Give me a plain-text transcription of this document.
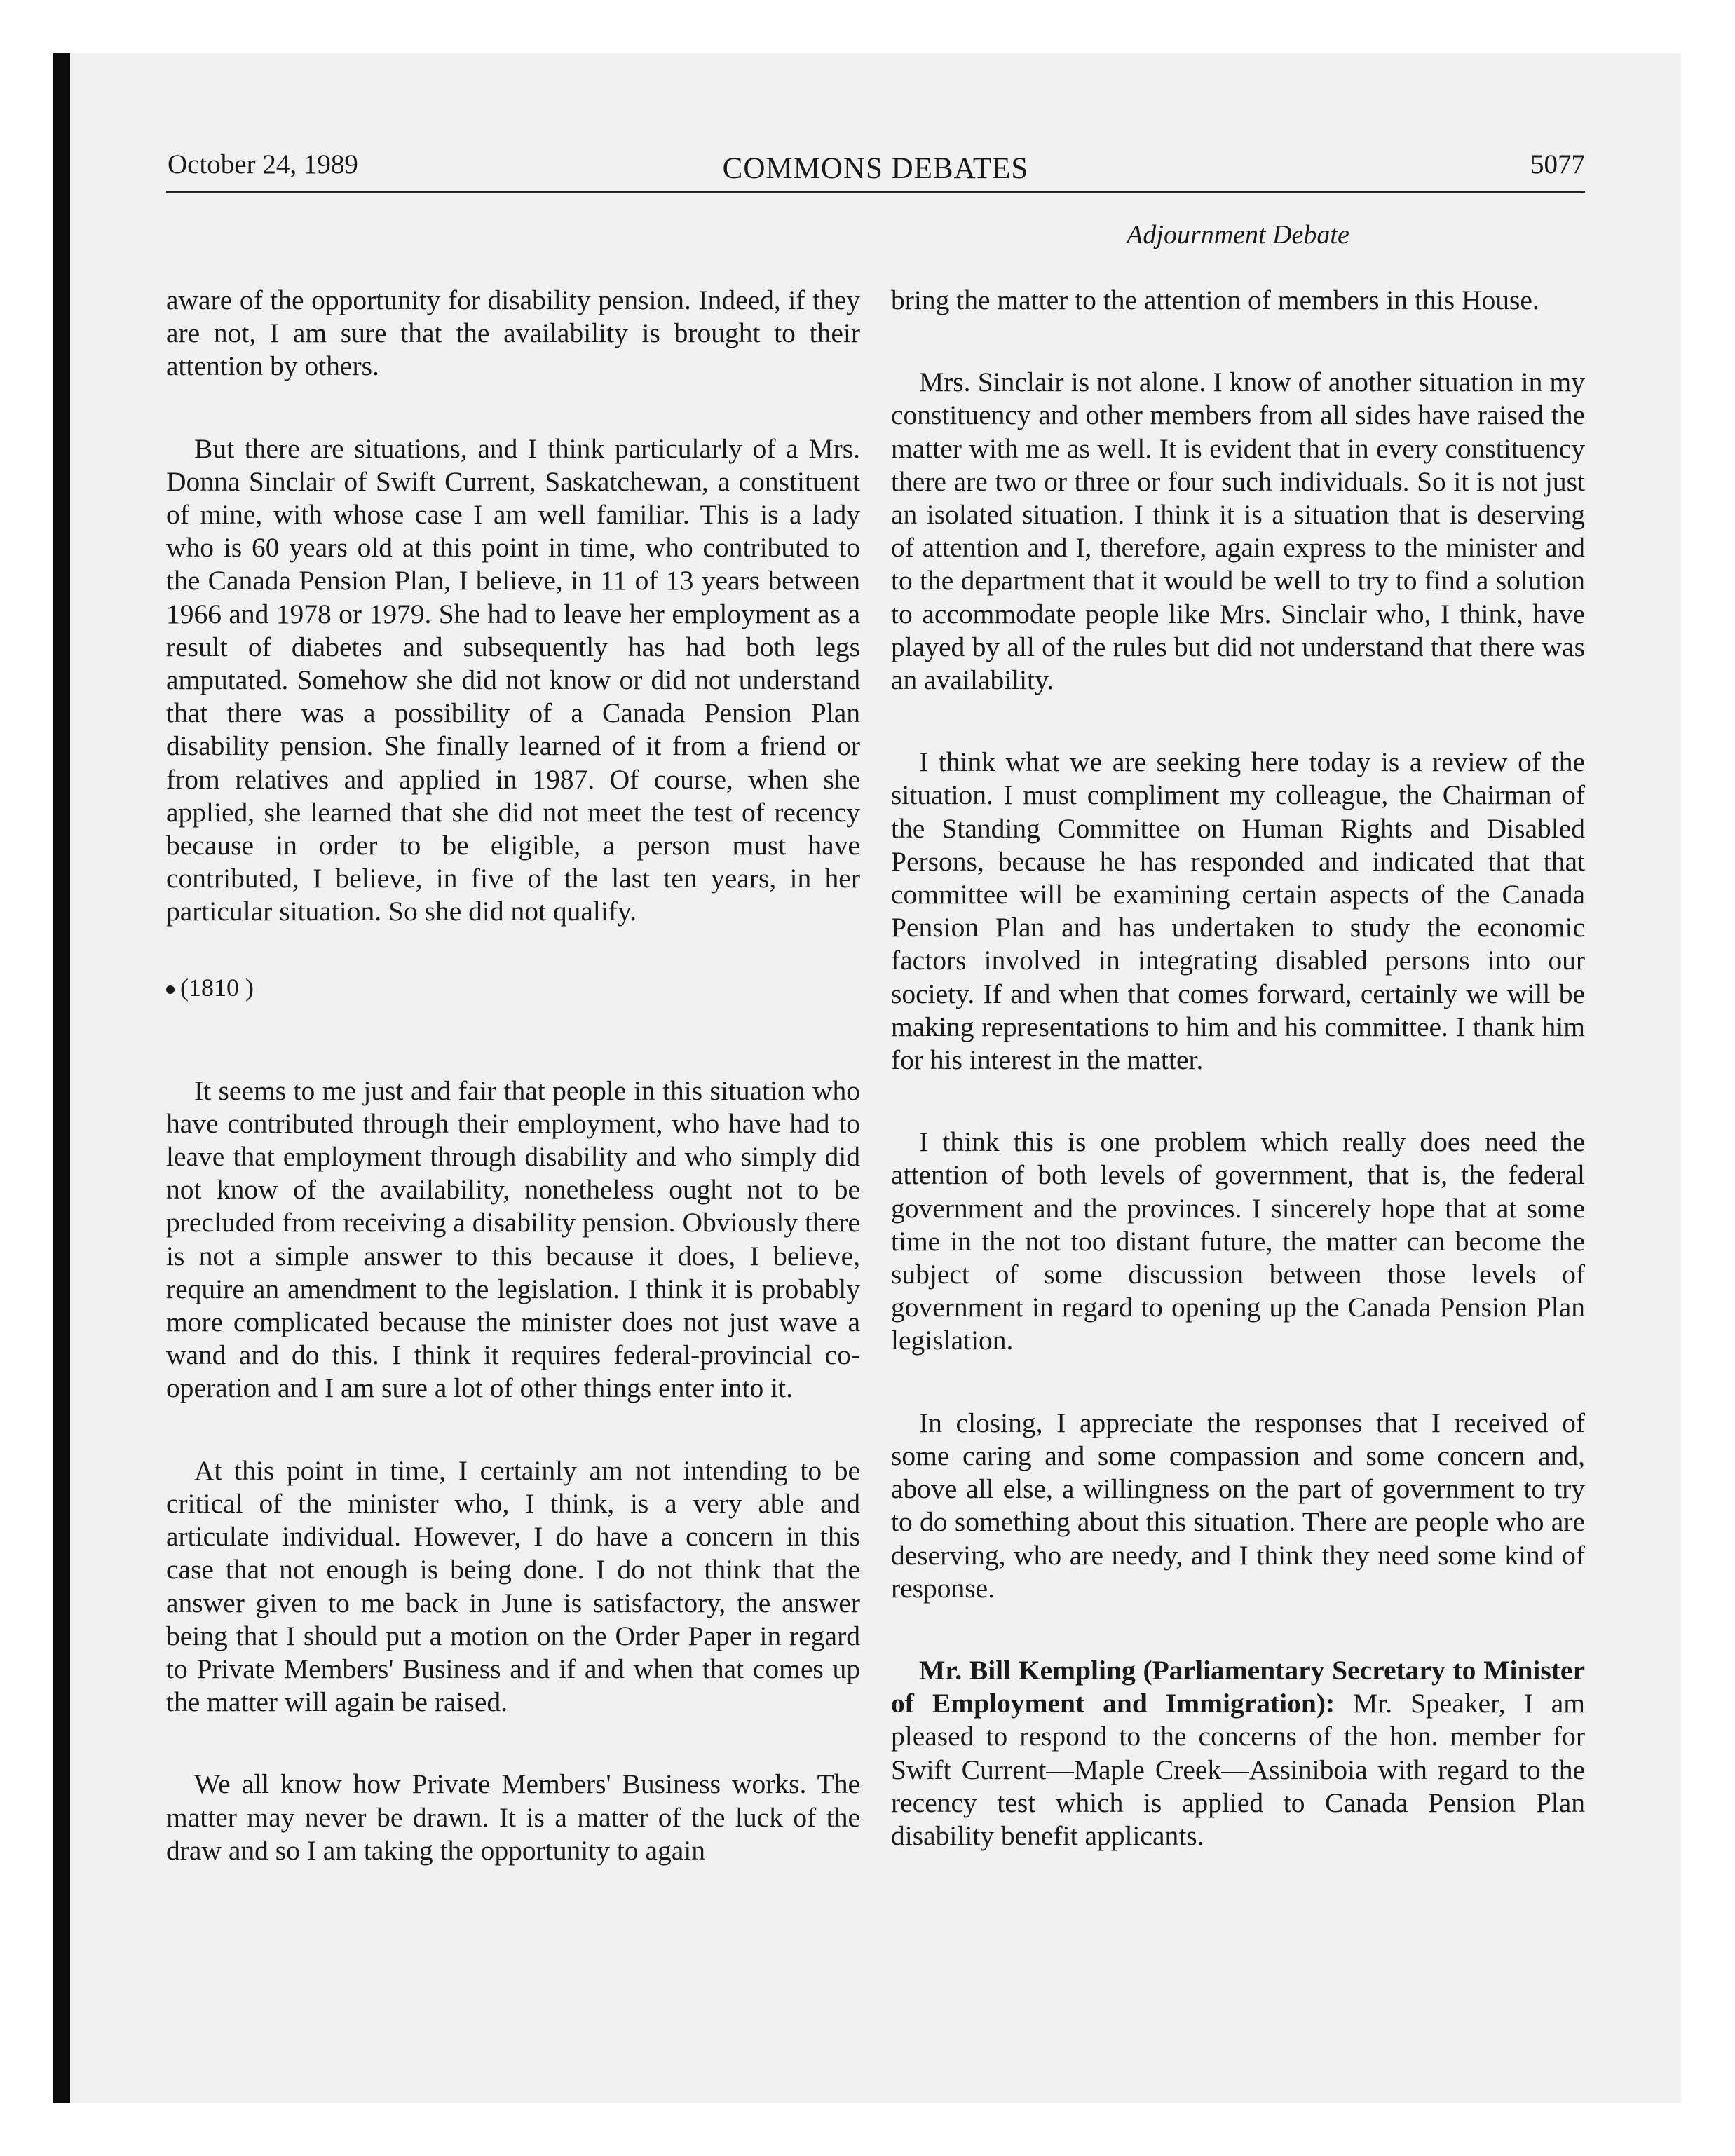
October 24, 1989	COMMONS DEBATES	5077

aware of the opportunity for disability pension. Indeed, if they are not, I am sure that the availability is brought to their attention by others.

But there are situations, and I think particularly of a Mrs. Donna Sinclair of Swift Current, Saskatchewan, a constituent of mine, with whose case I am well familiar. This is a lady who is 60 years old at this point in time, who contributed to the Canada Pension Plan, I believe, in 11 of 13 years between 1966 and 1978 or 1979. She had to leave her employment as a result of diabetes and subsequently has had both legs amputated. Somehow she did not know or did not understand that there was a possibility of a Canada Pension Plan disability pension. She finally learned of it from a friend or from relatives and applied in 1987. Of course, when she applied, she learned that she did not meet the test of recency because in order to be eligible, a person must have contributed, I believe, in five of the last ten years, in her particular situation. So she did not qualify.

(1810 )

It seems to me just and fair that people in this situation who have contributed through their employment, who have had to leave that employment through disability and who simply did not know of the availability, nonetheless ought not to be precluded from receiving a disability pension. Obviously there is not a simple answer to this because it does, I believe, require an amendment to the legislation. I think it is probably more complicated because the minister does not just wave a wand and do this. I think it requires federal-provincial co-operation and I am sure a lot of other things enter into it.

At this point in time, I certainly am not intending to be critical of the minister who, I think, is a very able and articulate individual. However, I do have a concern in this case that not enough is being done. I do not think that the answer given to me back in June is satisfactory, the answer being that I should put a motion on the Order Paper in regard to Private Members' Business and if and when that comes up the matter will again be raised.

We all know how Private Members' Business works. The matter may never be drawn. It is a matter of the luck of the draw and so I am taking the opportunity to again

Adjournment Debate

bring the matter to the attention of members in this House.

Mrs. Sinclair is not alone. I know of another situation in my constituency and other members from all sides have raised the matter with me as well. It is evident that in every constituency there are two or three or four such individuals. So it is not just an isolated situation. I think it is a situation that is deserving of attention and I, therefore, again express to the minister and to the department that it would be well to try to find a solution to accommodate people like Mrs. Sinclair who, I think, have played by all of the rules but did not understand that there was an availability.

I think what we are seeking here today is a review of the situation. I must compliment my colleague, the Chairman of the Standing Committee on Human Rights and Disabled Persons, because he has responded and indicated that that committee will be examining certain aspects of the Canada Pension Plan and has undertaken to study the economic factors involved in integrating disabled persons into our society. If and when that comes forward, certainly we will be making representations to him and his committee. I thank him for his interest in the matter.

I think this is one problem which really does need the attention of both levels of government, that is, the federal government and the provinces. I sincerely hope that at some time in the not too distant future, the matter can become the subject of some discussion between those levels of government in regard to opening up the Canada Pension Plan legislation.

In closing, I appreciate the responses that I received of some caring and some compassion and some concern and, above all else, a willingness on the part of government to try to do something about this situation. There are people who are deserving, who are needy, and I think they need some kind of response.

Mr. Bill Kempling (Parliamentary Secretary to Minister of Employment and Immigration): Mr. Speaker, I am pleased to respond to the concerns of the hon. member for Swift Current—Maple Creek—Assiniboia with regard to the recency test which is applied to Canada Pension Plan disability benefit applicants.
